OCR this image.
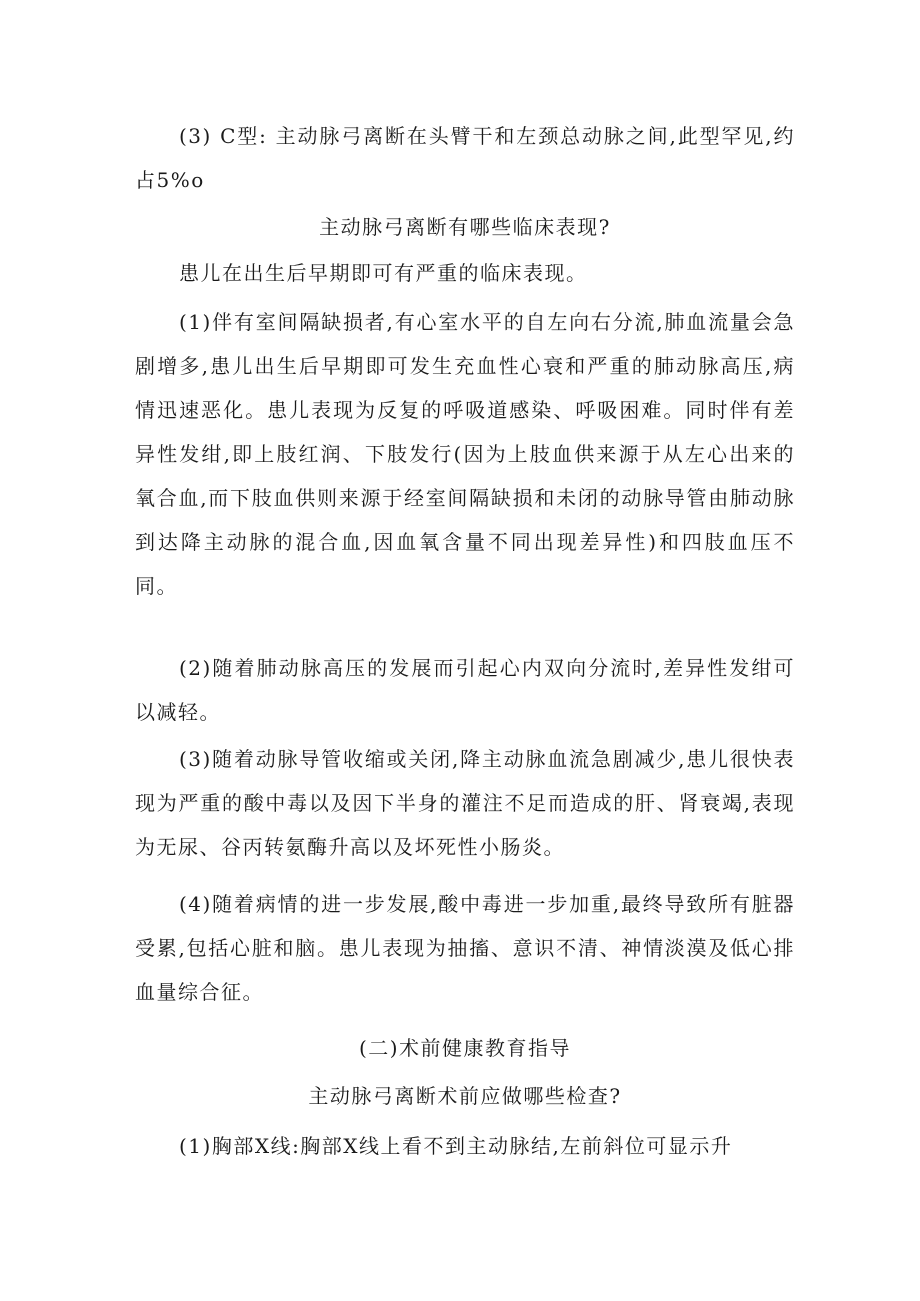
(3) C型: 主动脉弓离断在头臂干和左颈总动脉之间,此型罕见,约占5%o

主动脉弓离断有哪些临床表现?

患儿在出生后早期即可有严重的临床表现。

(1)伴有室间隔缺损者,有心室水平的自左向右分流,肺血流量会急剧增多,患儿出生后早期即可发生充血性心衰和严重的肺动脉高压,病情迅速恶化。患儿表现为反复的呼吸道感染、呼吸困难。同时伴有差异性发绀,即上肢红润、下肢发行(因为上肢血供来源于从左心出来的氧合血,而下肢血供则来源于经室间隔缺损和未闭的动脉导管由肺动脉到达降主动脉的混合血,因血氧含量不同出现差异性)和四肢血压不同。

(2)随着肺动脉高压的发展而引起心内双向分流时,差异性发绀可以减轻。

(3)随着动脉导管收缩或关闭,降主动脉血流急剧减少,患儿很快表现为严重的酸中毒以及因下半身的灌注不足而造成的肝、肾衰竭,表现为无尿、谷丙转氨酶升高以及坏死性小肠炎。

(4)随着病情的进一步发展,酸中毒进一步加重,最终导致所有脏器受累,包括心脏和脑。患儿表现为抽搐、意识不清、神情淡漠及低心排血量综合征。

(二)术前健康教育指导

主动脉弓离断术前应做哪些检查?

(1)胸部X线:胸部X线上看不到主动脉结,左前斜位可显示升
